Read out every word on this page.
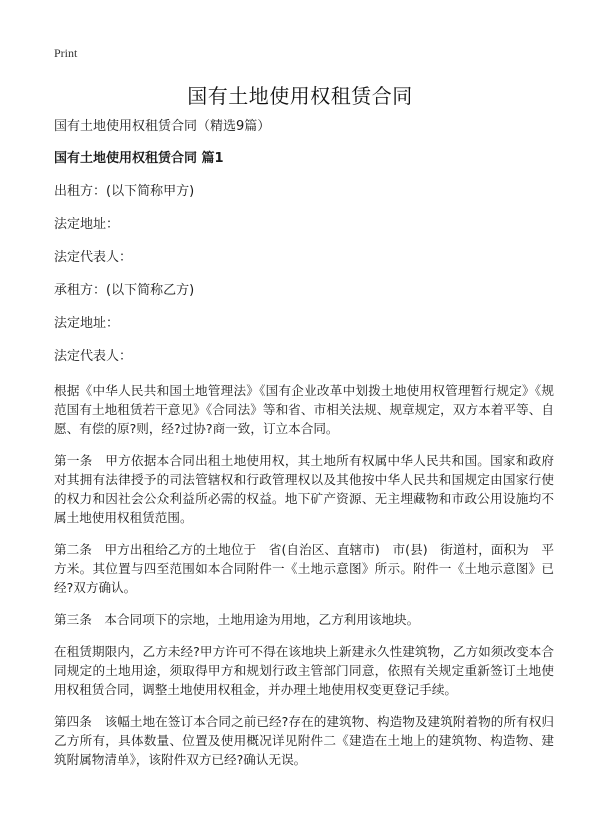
Print
国有土地使用权租赁合同
国有土地使用权租赁合同（精选9篇）
国有土地使用权租赁合同 篇1
出租方：(以下简称甲方)
法定地址：
法定代表人：
承租方：(以下简称乙方)
法定地址：
法定代表人：

根据《中华人民共和国土地管理法》《国有企业改革中划拨土地使用权管理暂行规定》《规范国有土地租赁若干意见》《合同法》等和省、市相关法规、规章规定，双方本着平等、自愿、有偿的原?则，经?过协?商一致，订立本合同。

第一条　甲方依据本合同出租土地使用权，其土地所有权属中华人民共和国。国家和政府对其拥有法律授予的司法管辖权和行政管理权以及其他按中华人民共和国规定由国家行使的权力和因社会公众利益所必需的权益。地下矿产资源、无主埋藏物和市政公用设施均不属土地使用权租赁范围。

第二条　甲方出租给乙方的土地位于　省(自治区、直辖市)　市(县)　街道村，面积为　平方米。其位置与四至范围如本合同附件一《土地示意图》所示。附件一《土地示意图》已经?双方确认。

第三条　本合同项下的宗地，土地用途为用地，乙方利用该地块。

在租赁期限内，乙方未经?甲方许可不得在该地块上新建永久性建筑物，乙方如须改变本合同规定的土地用途，须取得甲方和规划行政主管部门同意，依照有关规定重新签订土地使用权租赁合同，调整土地使用权租金，并办理土地使用权变更登记手续。

第四条　该幅土地在签订本合同之前已经?存在的建筑物、构造物及建筑附着物的所有权归乙方所有，具体数量、位置及使用概况详见附件二《建造在土地上的建筑物、构造物、建筑附属物清单》，该附件双方已经?确认无误。
